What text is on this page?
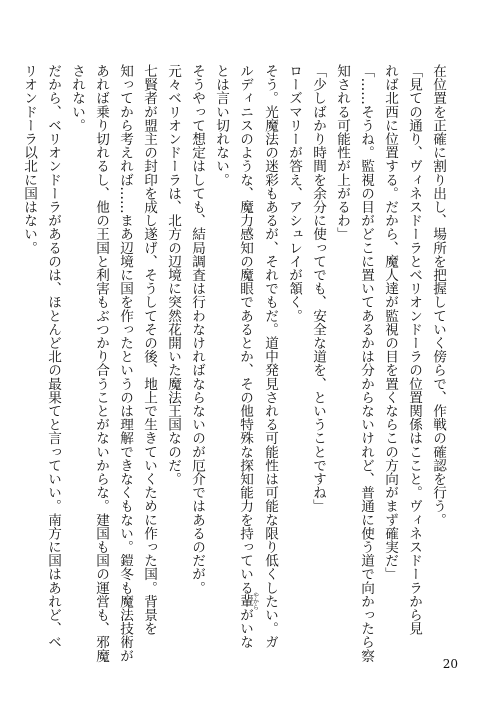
在位置を正確に割り出し、場所を把握していく傍らで、作戦の確認を行う。

「見ての通り、ヴィネスドーラとベリオンドーラの位置関係はここと。ヴィネスドーラから見

れば北西に位置する。だから、魔人達が監視の目を置くならこの方向がまず確実だ」

「……そうね。監視の目がどこに置いてあるかは分からないけれど、普通に使う道で向かったら察

知される可能性が上がるわ」

「少しばかり時間を余分に使ってでも、安全な道を、ということですね」

ローズマリーが答え、アシュレイが頷く。

そう。光魔法の迷彩もあるが、それでもだ。道中発見される可能性は可能な限り低くしたい。ガ

ルディニスのような、魔力感知の魔眼であるとか、その他特殊な探知能力を持っている輩やからがいな

とは言い切れない。

そうやって想定はしても、結局調査は行わなければならないのが厄介ではあるのだが。

元々ベリオンドーラは、北方の辺境に突然花開いた魔法王国なのだ。

七賢者が盟主の封印を成し遂げ、そうしてその後、地上で生きていくために作った国。背景を

知ってから考えれば……まあ辺境に国を作ったというのは理解できなくもない。鎧冬も魔法技術が

あれば乗り切れるし、他の王国と利害もぶつかり合うことがないからな。建国も国の運営も、邪魔

されない。

だから、ベリオンドーラがあるのは、ほとんど北の最果てと言っていい。南方に国はあれど、ベ

リオンドーラ以北に国はない。

20
